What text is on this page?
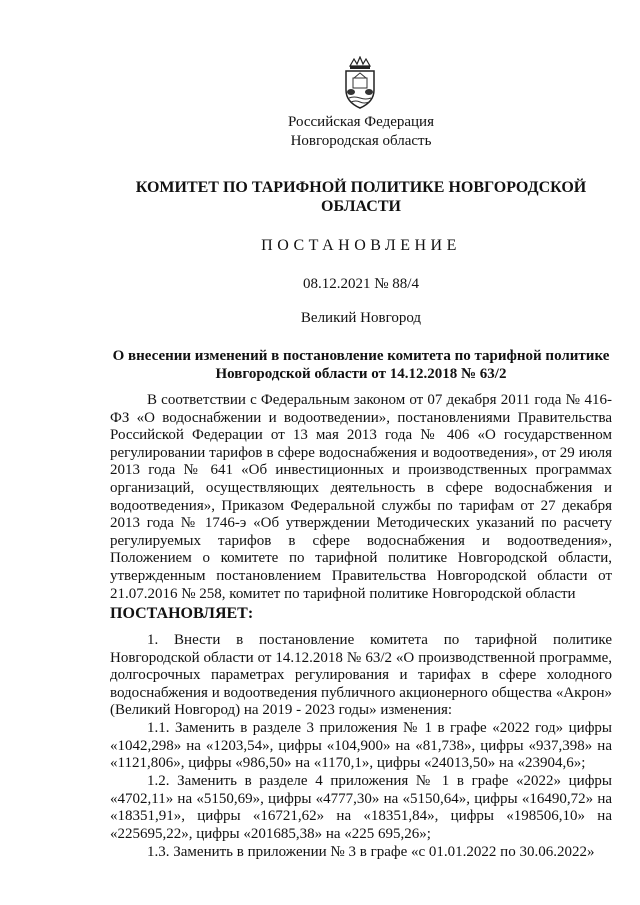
Российская Федерация
Новгородская область
КОМИТЕТ ПО ТАРИФНОЙ ПОЛИТИКЕ НОВГОРОДСКОЙ ОБЛАСТИ
ПОСТАНОВЛЕНИЕ
08.12.2021 № 88/4
Великий Новгород
О внесении изменений в постановление комитета по тарифной политике Новгородской области от 14.12.2018 № 63/2
В соответствии с Федеральным законом от 07 декабря 2011 года № 416-ФЗ «О водоснабжении и водоотведении», постановлениями Правительства Российской Федерации от 13 мая 2013 года № 406 «О государственном регулировании тарифов в сфере водоснабжения и водоотведения», от 29 июля 2013 года № 641 «Об инвестиционных и производственных программах организаций, осуществляющих деятельность в сфере водоснабжения и водоотведения», Приказом Федеральной службы по тарифам от 27 декабря 2013 года № 1746-э «Об утверждении Методических указаний по расчету регулируемых тарифов в сфере водоснабжения и водоотведения», Положением о комитете по тарифной политике Новгородской области, утвержденным постановлением Правительства Новгородской области от 21.07.2016 № 258, комитет по тарифной политике Новгородской области
ПОСТАНОВЛЯЕТ:
1. Внести в постановление комитета по тарифной политике Новгородской области от 14.12.2018 № 63/2 «О производственной программе, долгосрочных параметрах регулирования и тарифах в сфере холодного водоснабжения и водоотведения публичного акционерного общества «Акрон» (Великий Новгород) на 2019 - 2023 годы» изменения:
1.1. Заменить в разделе 3 приложения № 1 в графе «2022 год» цифры «1042,298» на «1203,54», цифры «104,900» на «81,738», цифры «937,398» на «1121,806», цифры «986,50» на «1170,1», цифры «24013,50» на «23904,6»;
1.2. Заменить в разделе 4 приложения № 1 в графе «2022» цифры «4702,11» на «5150,69», цифры «4777,30» на «5150,64», цифры «16490,72» на «18351,91», цифры «16721,62» на «18351,84», цифры «198506,10» на «225695,22», цифры «201685,38» на «225 695,26»;
1.3. Заменить в приложении № 3 в графе «с 01.01.2022 по 30.06.2022»
